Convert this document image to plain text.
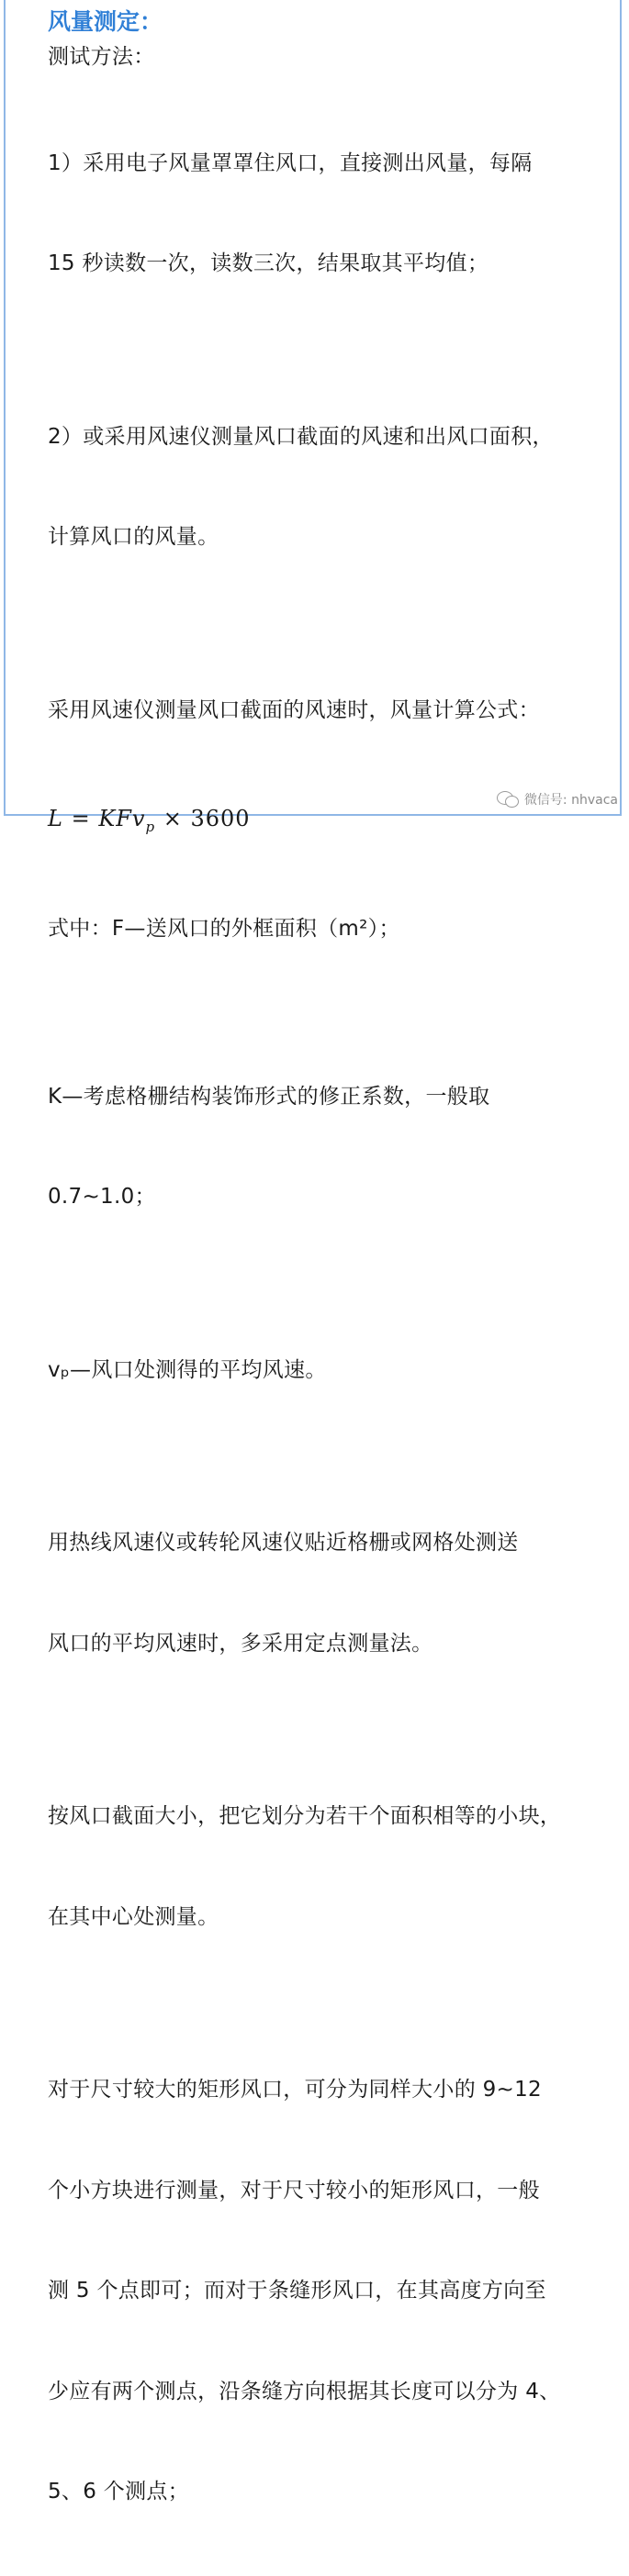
风量测定：

测试方法：

1）采用电子风量罩罩住风口，直接测出风量，每隔

15 秒读数一次，读数三次，结果取其平均值；

2）或采用风速仪测量风口截面的风速和出风口面积，

计算风口的风量。

采用风速仪测量风口截面的风速时，风量计算公式：

L = KFv$_p$ × 3600

式中：F—送风口的外框面积（m²）；

K—考虑格栅结构装饰形式的修正系数，一般取

0.7~1.0；

vₚ—风口处测得的平均风速。

用热线风速仪或转轮风速仪贴近格栅或网格处测送

风口的平均风速时，多采用定点测量法。

按风口截面大小，把它划分为若干个面积相等的小块，

在其中心处测量。

对于尺寸较大的矩形风口，可分为同样大小的 9~12

个小方块进行测量，对于尺寸较小的矩形风口，一般

测 5 个点即可；而对于条缝形风口，在其高度方向至

少应有两个测点，沿条缝方向根据其长度可以分为 4、

5、6 个测点；

微信号: nhvaca
